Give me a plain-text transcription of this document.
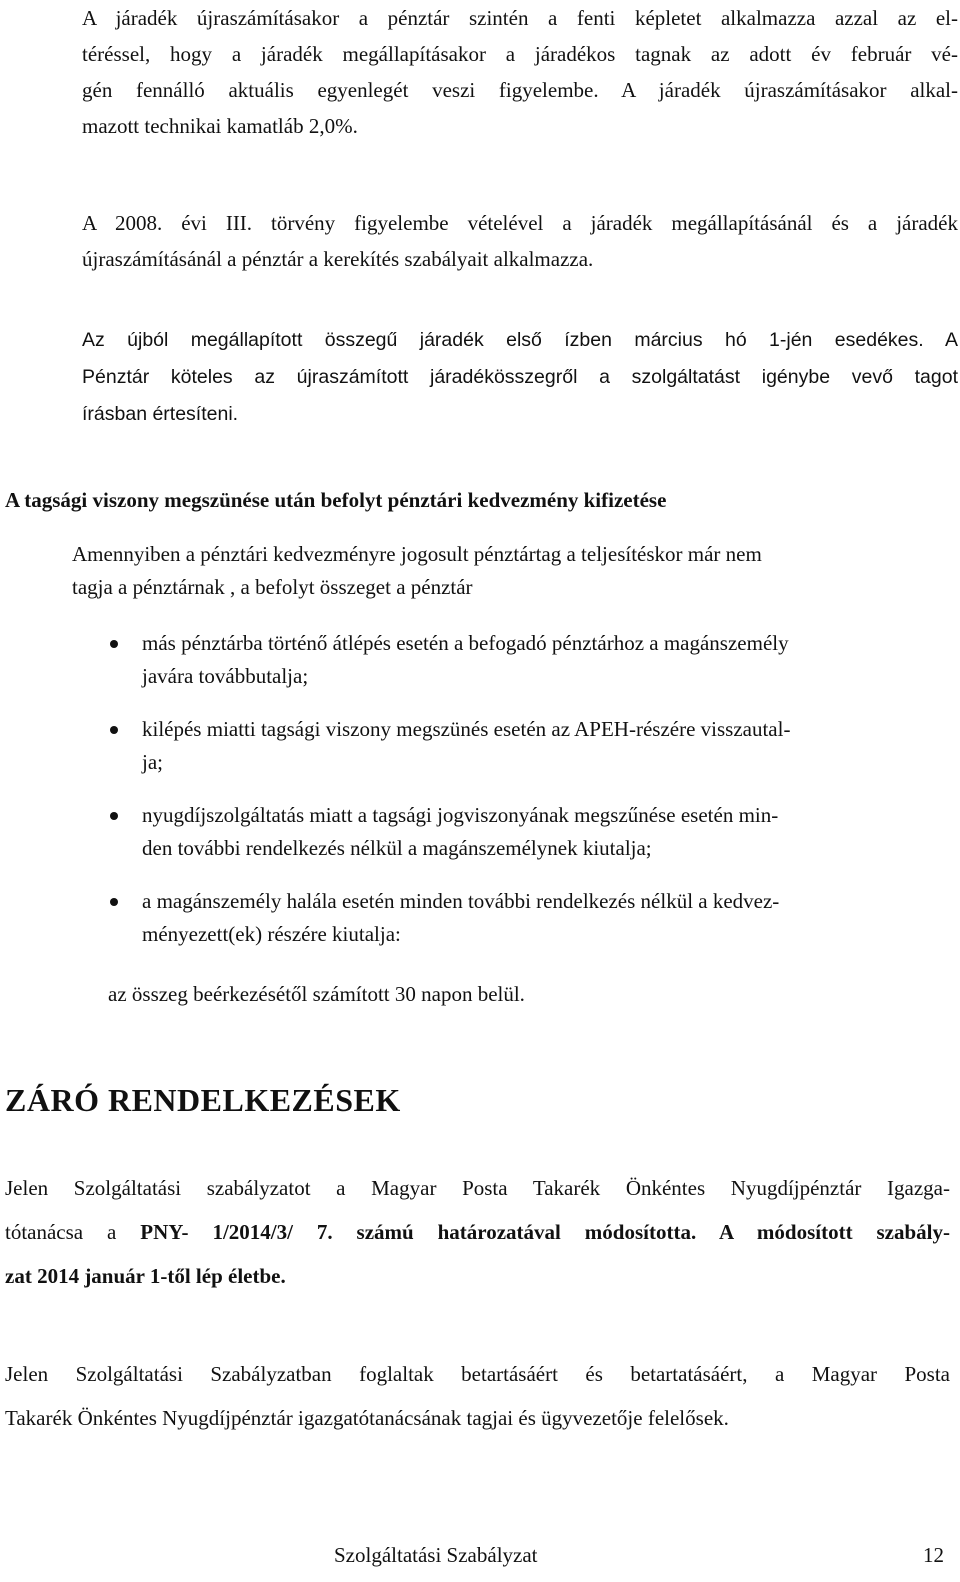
A járadék újraszámításakor a pénztár szintén a fenti képletet alkalmazza azzal az el-
téréssel, hogy a járadék megállapításakor a járadékos tagnak az adott év február vé-
gén fennálló aktuális egyenlegét veszi figyelembe. A járadék újraszámításakor alkal-
mazott technikai kamatláb 2,0%.

A 2008. évi III. törvény figyelembe vételével a járadék megállapításánál és a járadék
újraszámításánál a pénztár a kerekítés szabályait alkalmazza.

Az újból megállapított összegű járadék első ízben március hó 1-jén esedékes. A
Pénztár köteles az újraszámított járadékösszegről a szolgáltatást igénybe vevő tagot
írásban értesíteni.

A tagsági viszony megszünése után befolyt pénztári kedvezmény kifizetése

Amennyiben a pénztári kedvezményre jogosult pénztártag a teljesítéskor már nem
tagja a pénztárnak , a befolyt összeget a pénztár

más pénztárba történő átlépés esetén a befogadó pénztárhoz a magánszemély
javára továbbutalja;
kilépés miatti tagsági viszony megszünés esetén az APEH-részére visszautal-
ja;
nyugdíjszolgáltatás miatt a tagsági jogviszonyának megszűnése esetén min-
den további rendelkezés nélkül a magánszemélynek kiutalja;
a magánszemély halála esetén minden további rendelkezés nélkül a kedvez-
ményezett(ek) részére kiutalja:

az összeg beérkezésétől számított 30 napon belül.

ZÁRÓ RENDELKEZÉSEK

Jelen Szolgáltatási szabályzatot a Magyar Posta Takarék Önkéntes Nyugdíjpénztár Igazga-
tótanácsa a PNY- 1/2014/3/ 7. számú határozatával módosította. A módosított szabály-
zat 2014 január 1-től lép életbe.

Jelen Szolgáltatási Szabályzatban foglaltak betartásáért és betartatásáért, a Magyar Posta
Takarék Önkéntes Nyugdíjpénztár igazgatótanácsának tagjai és ügyvezetője felelősek.

Szolgáltatási Szabályzat	12
